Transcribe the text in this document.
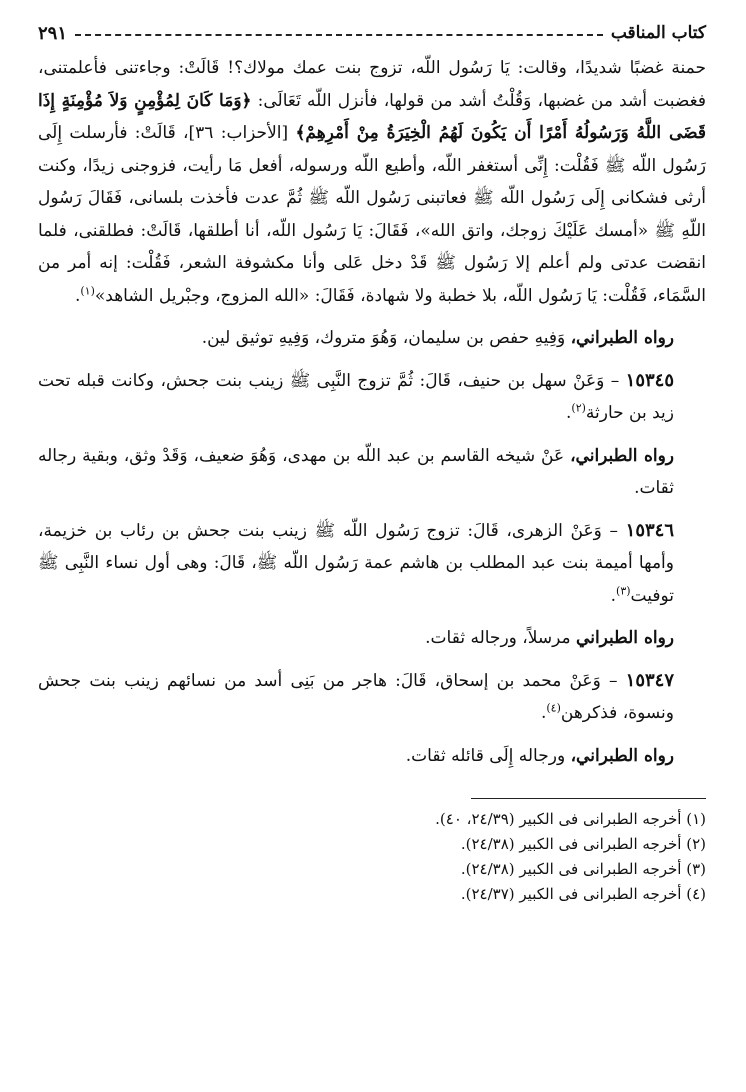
كتاب المناقب
٢٩١

حمنة غضبًا شديدًا، وقالت: يَا رَسُول اللّه، تزوج بنت عمك مولاك؟! قَالَتْ: وجاءتنى فأعلمتنى، فغضبت أشد من غضبها، وَقُلْتُ أشد من قولها، فأنزل اللّه تَعَالَى: ﴿وَمَا كَانَ لِمُؤْمِنٍ وَلاَ مُؤْمِنَةٍ إِذَا قَضَى اللَّهُ وَرَسُولُهُ أَمْرًا أَن يَكُونَ لَهُمُ الْخِيَرَةُ مِنْ أَمْرِهِمْ﴾ [الأحزاب: ٣٦]، قَالَتْ: فأرسلت إِلَى رَسُول اللّه ﷺ فَقُلْت: إِنِّى أستغفر اللّه، وأطيع اللّه ورسوله، أفعل مَا رأيت، فزوجنى زيدًا، وكنت أرثى فشكانى إِلَى رَسُول اللّه ﷺ فعاتبنى رَسُول اللّه ﷺ ثُمَّ عدت فأخذت بلسانى، فَقَالَ رَسُول اللّهِ ﷺ «أمسك عَلَيْكَ زوجك، واتق الله»، فَقَالَ: يَا رَسُول اللّه، أنا أطلقها، قَالَتْ: فطلقنى، فلما انقضت عدتى ولم أعلم إلا رَسُول ﷺ قَدْ دخل عَلى وأنا مكشوفة الشعر، فَقُلْت: إنه أمر من السَّمَاء، فَقُلْت: يَا رَسُول اللّه، بلا خطبة ولا شهادة، فَقَالَ: «الله المزوج، وجبْريل الشاهد»$^{(١)}$.

رواه الطبراني، وَفِيهِ حفص بن سليمان، وَهُوَ متروك، وَفِيهِ توثيق لين.

١٥٣٤٥ – وَعَنْ سهل بن حنيف، قَالَ: ثُمَّ تزوج النَّبِى ﷺ زينب بنت جحش، وكانت قبله تحت زيد بن حارثة$^{(٢)}$.

رواه الطبراني، عَنْ شيخه القاسم بن عبد اللّه بن مهدى، وَهُوَ ضعيف، وَقَدْ وثق، وبقية رجاله ثقات.

١٥٣٤٦ – وَعَنْ الزهرى، قَالَ: تزوج رَسُول اللّه ﷺ زينب بنت جحش بن رئاب بن خزيمة، وأمها أميمة بنت عبد المطلب بن هاشم عمة رَسُول اللّه ﷺ، قَالَ: وهى أول نساء النَّبِى ﷺ توفيت$^{(٣)}$.

رواه الطبراني مرسلاً، ورجاله ثقات.

١٥٣٤٧ – وَعَنْ محمد بن إسحاق، قَالَ: هاجر من بَنِى أسد من نسائهم زينب بنت جحش ونسوة، فذكرهن$^{(٤)}$.

رواه الطبراني، ورجاله إِلَى قائله ثقات.

(١) أخرجه الطبرانى فى الكبير (٢٤/٣٩، ٤٠).

(٢) أخرجه الطبرانى فى الكبير (٢٤/٣٨).

(٣) أخرجه الطبرانى فى الكبير (٢٤/٣٨).

(٤) أخرجه الطبرانى فى الكبير (٢٤/٣٧).
